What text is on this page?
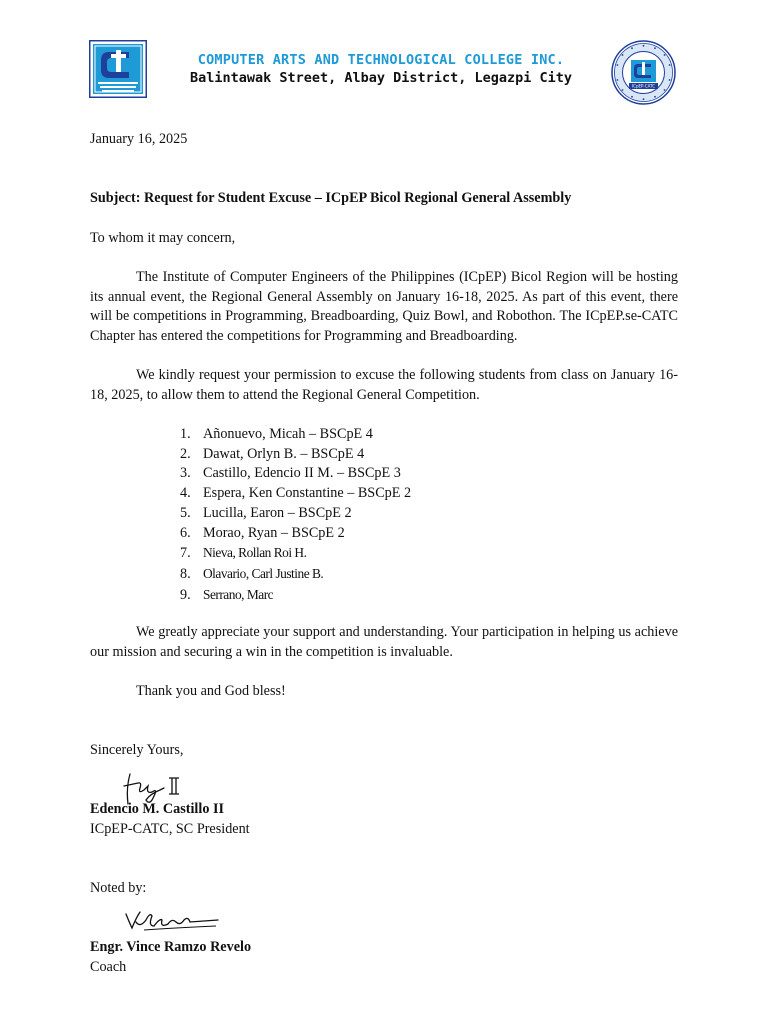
COMPUTER ARTS AND TECHNOLOGICAL COLLEGE INC.
Balintawak Street, Albay District, Legazpi City
ICpEP-CATC

January 16, 2025

Subject: Request for Student Excuse – ICpEP Bicol Regional General Assembly

To whom it may concern,

The Institute of Computer Engineers of the Philippines (ICpEP) Bicol Region will be hosting its annual event, the Regional General Assembly on January 16-18, 2025. As part of this event, there will be competitions in Programming, Breadboarding, Quiz Bowl, and Robothon. The ICpEP.se-CATC Chapter has entered the competitions for Programming and Breadboarding.

We kindly request your permission to excuse the following students from class on January 16- 18, 2025, to allow them to attend the Regional General Competition.

1. Añonuevo, Micah – BSCpE 4
2. Dawat, Orlyn B. – BSCpE 4
3. Castillo, Edencio II M. – BSCpE 3
4. Espera, Ken Constantine – BSCpE 2
5. Lucilla, Earon – BSCpE 2
6. Morao, Ryan – BSCpE 2
7. Nieva, Rollan Roi H.
8. Olavario, Carl Justine B.
9. Serrano, Marc

We greatly appreciate your support and understanding. Your participation in helping us achieve our mission and securing a win in the competition is invaluable.

Thank you and God bless!

Sincerely Yours,

Edencio M. Castillo II

ICpEP-CATC, SC President

Noted by:

Engr. Vince Ramzo Revelo

Coach
